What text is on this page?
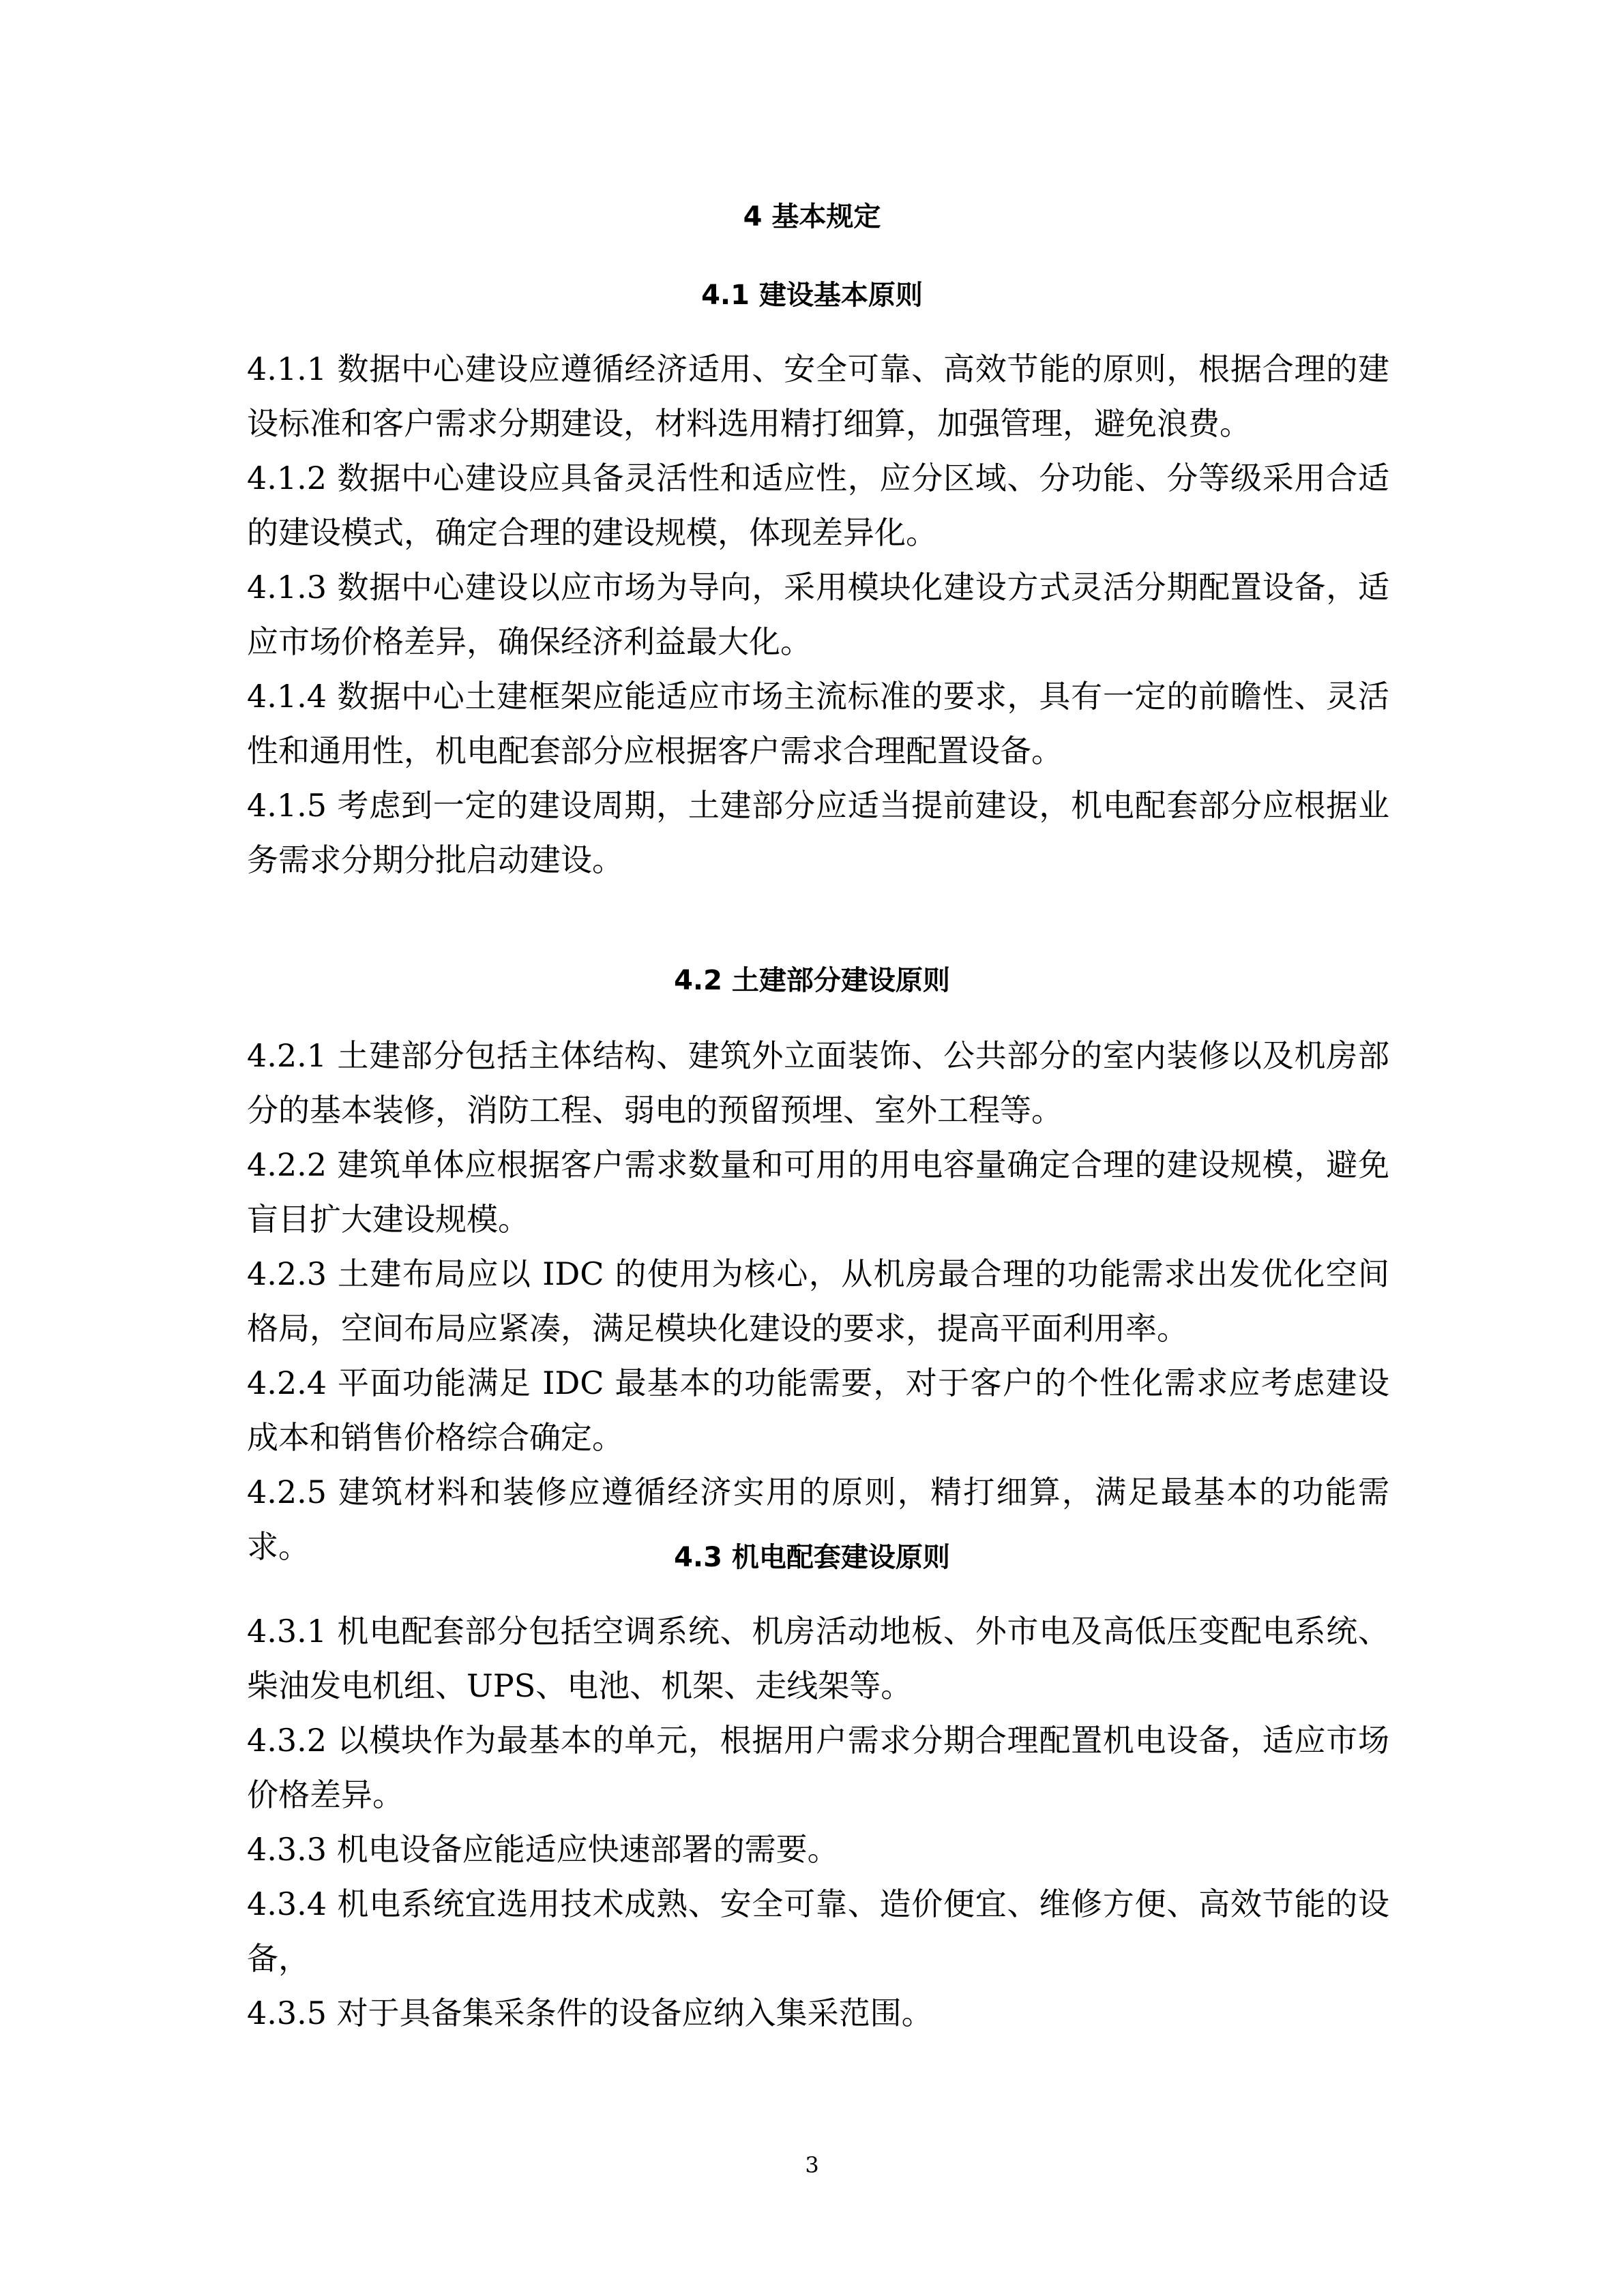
4 基本规定
4.1 建设基本原则

4.1.1 数据中心建设应遵循经济适用、安全可靠、高效节能的原则，根据合理的建设标准和客户需求分期建设，材料选用精打细算，加强管理，避免浪费。

4.1.2 数据中心建设应具备灵活性和适应性，应分区域、分功能、分等级采用合适的建设模式，确定合理的建设规模，体现差异化。

4.1.3 数据中心建设以应市场为导向，采用模块化建设方式灵活分期配置设备，适应市场价格差异，确保经济利益最大化。

4.1.4 数据中心土建框架应能适应市场主流标准的要求，具有一定的前瞻性、灵活性和通用性，机电配套部分应根据客户需求合理配置设备。

4.1.5 考虑到一定的建设周期，土建部分应适当提前建设，机电配套部分应根据业务需求分期分批启动建设。

4.2 土建部分建设原则

4.2.1 土建部分包括主体结构、建筑外立面装饰、公共部分的室内装修以及机房部分的基本装修，消防工程、弱电的预留预埋、室外工程等。

4.2.2 建筑单体应根据客户需求数量和可用的用电容量确定合理的建设规模，避免盲目扩大建设规模。

4.2.3 土建布局应以 IDC 的使用为核心，从机房最合理的功能需求出发优化空间格局，空间布局应紧凑，满足模块化建设的要求，提高平面利用率。

4.2.4 平面功能满足 IDC 最基本的功能需要，对于客户的个性化需求应考虑建设成本和销售价格综合确定。

4.2.5 建筑材料和装修应遵循经济实用的原则，精打细算，满足最基本的功能需求。	4.3 机电配套建设原则

4.3.1 机电配套部分包括空调系统、机房活动地板、外市电及高低压变配电系统、柴油发电机组、UPS、电池、机架、走线架等。

4.3.2 以模块作为最基本的单元，根据用户需求分期合理配置机电设备，适应市场价格差异。

4.3.3 机电设备应能适应快速部署的需要。

4.3.4 机电系统宜选用技术成熟、安全可靠、造价便宜、维修方便、高效节能的设备，

4.3.5 对于具备集采条件的设备应纳入集采范围。

3
